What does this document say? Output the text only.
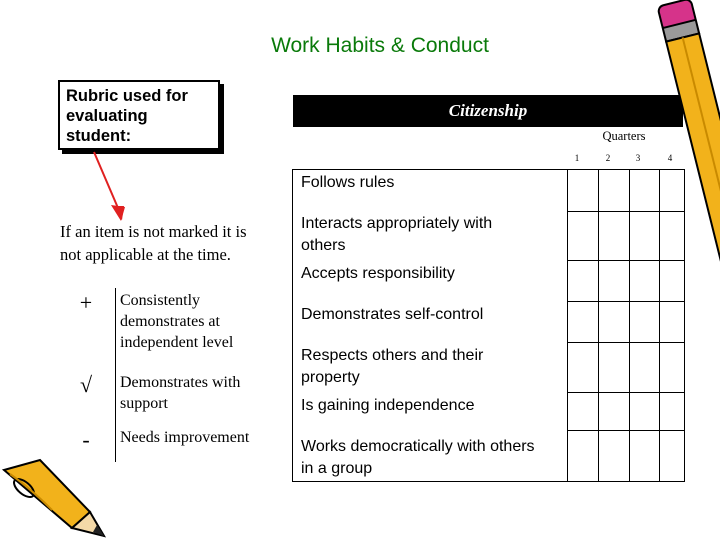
Work Habits & Conduct
Rubric used for evaluating student:
If an item is not marked it is not applicable at the time.
+	Consistently demonstrates at independent level
√	Demonstrates with support
-	Needs improvement
Citizenship
Quarters
1	2	3	4
Follows rules
Interacts appropriately with others
Accepts responsibility
Demonstrates self-control
Respects others and their property
Is gaining independence
Works democratically with others in a group
